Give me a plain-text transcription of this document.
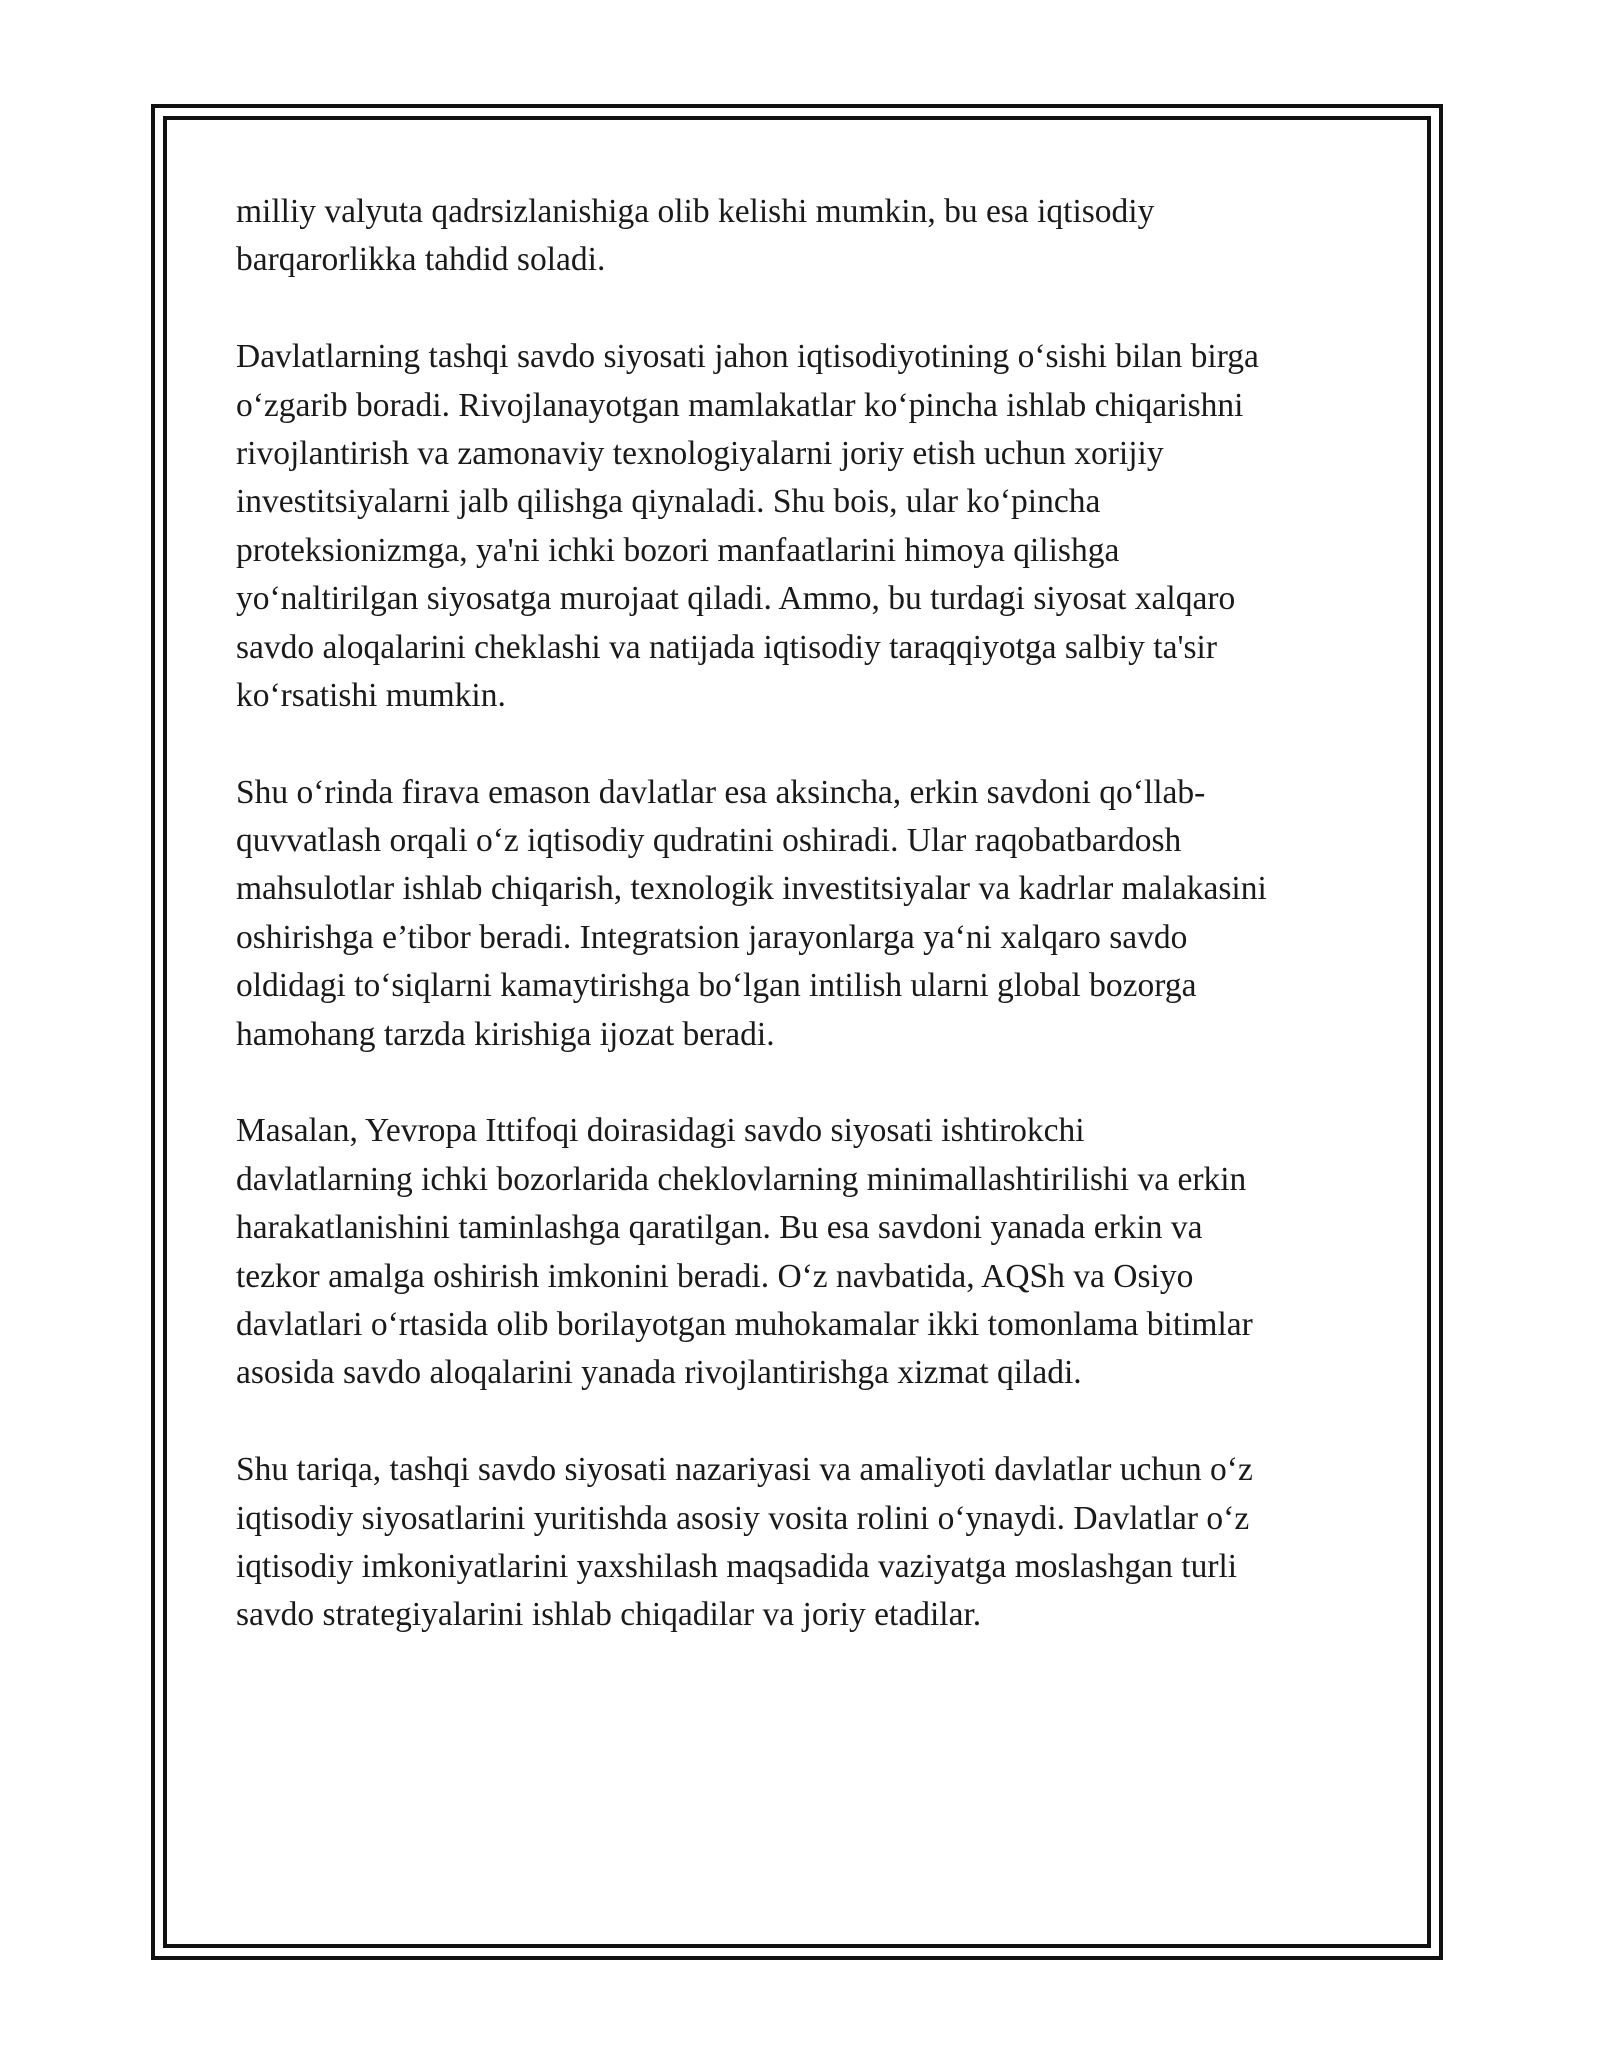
milliy valyuta qadrsizlanishiga olib kelishi mumkin, bu esa iqtisodiy
barqarorlikka tahdid soladi.

Davlatlarning tashqi savdo siyosati jahon iqtisodiyotining o‘sishi bilan birga
o‘zgarib boradi. Rivojlanayotgan mamlakatlar ko‘pincha ishlab chiqarishni
rivojlantirish va zamonaviy texnologiyalarni joriy etish uchun xorijiy
investitsiyalarni jalb qilishga qiynaladi. Shu bois, ular ko‘pincha
proteksionizmga, ya'ni ichki bozori manfaatlarini himoya qilishga
yo‘naltirilgan siyosatga murojaat qiladi. Ammo, bu turdagi siyosat xalqaro
savdo aloqalarini cheklashi va natijada iqtisodiy taraqqiyotga salbiy ta'sir
ko‘rsatishi mumkin.

Shu o‘rinda firava emason davlatlar esa aksincha, erkin savdoni qo‘llab-
quvvatlash orqali o‘z iqtisodiy qudratini oshiradi. Ular raqobatbardosh
mahsulotlar ishlab chiqarish, texnologik investitsiyalar va kadrlar malakasini
oshirishga e’tibor beradi. Integratsion jarayonlarga ya‘ni xalqaro savdo
oldidagi to‘siqlarni kamaytirishga bo‘lgan intilish ularni global bozorga
hamohang tarzda kirishiga ijozat beradi.

Masalan, Yevropa Ittifoqi doirasidagi savdo siyosati ishtirokchi
davlatlarning ichki bozorlarida cheklovlarning minimallashtirilishi va erkin
harakatlanishini taminlashga qaratilgan. Bu esa savdoni yanada erkin va
tezkor amalga oshirish imkonini beradi. O‘z navbatida, AQSh va Osiyo
davlatlari o‘rtasida olib borilayotgan muhokamalar ikki tomonlama bitimlar
asosida savdo aloqalarini yanada rivojlantirishga xizmat qiladi.

Shu tariqa, tashqi savdo siyosati nazariyasi va amaliyoti davlatlar uchun o‘z
iqtisodiy siyosatlarini yuritishda asosiy vosita rolini o‘ynaydi. Davlatlar o‘z
iqtisodiy imkoniyatlarini yaxshilash maqsadida vaziyatga moslashgan turli
savdo strategiyalarini ishlab chiqadilar va joriy etadilar.
